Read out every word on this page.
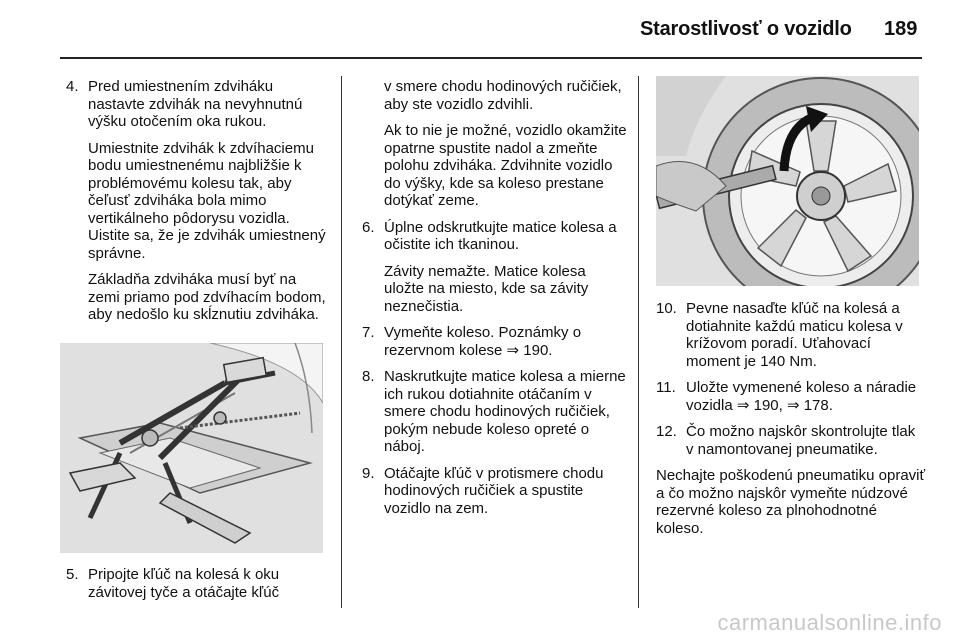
Starostlivosť o vozidlo 189
4. Pred umiestnením zdviháku nastavte zdvihák na nevyhnutnú výšku otočením oka rukou.
Umiestnite zdvihák k zdvíhaciemu bodu umiestnenému najbližšie k problémovému kolesu tak, aby čeľusť zdviháka bola mimo vertikálneho pôdorysu vozidla. Uistite sa, že je zdvihák umiestnený správne.
Základňa zdviháka musí byť na zemi priamo pod zdvíhacím bodom, aby nedošlo ku skĺznutiu zdviháka.
5. Pripojte kľúč na kolesá k oku závitovej tyče a otáčajte kľúč
v smere chodu hodinových ručičiek, aby ste vozidlo zdvihli.
Ak to nie je možné, vozidlo okamžite opatrne spustite nadol a zmeňte polohu zdviháka. Zdvihnite vozidlo do výšky, kde sa koleso prestane dotýkať zeme.
6. Úplne odskrutkujte matice kolesa a očistite ich tkaninou.
Závity nemažte. Matice kolesa uložte na miesto, kde sa závity neznečistia.
7. Vymeňte koleso. Poznámky o rezervnom kolese ⇒ 190.
8. Naskrutkujte matice kolesa a mierne ich rukou dotiahnite otáčaním v smere chodu hodinových ručičiek, pokým nebude koleso opreté o náboj.
9. Otáčajte kľúč v protismere chodu hodinových ručičiek a spustite vozidlo na zem.
10. Pevne nasaďte kľúč na kolesá a dotiahnite každú maticu kolesa v krížovom poradí. Uťahovací moment je 140 Nm.
11. Uložte vymenené koleso a náradie vozidla ⇒ 190, ⇒ 178.
12. Čo možno najskôr skontrolujte tlak v namontovanej pneumatike.
Nechajte poškodenú pneumatiku opraviť a čo možno najskôr vymeňte núdzové rezervné koleso za plnohodnotné koleso.
carmanualsonline.info
